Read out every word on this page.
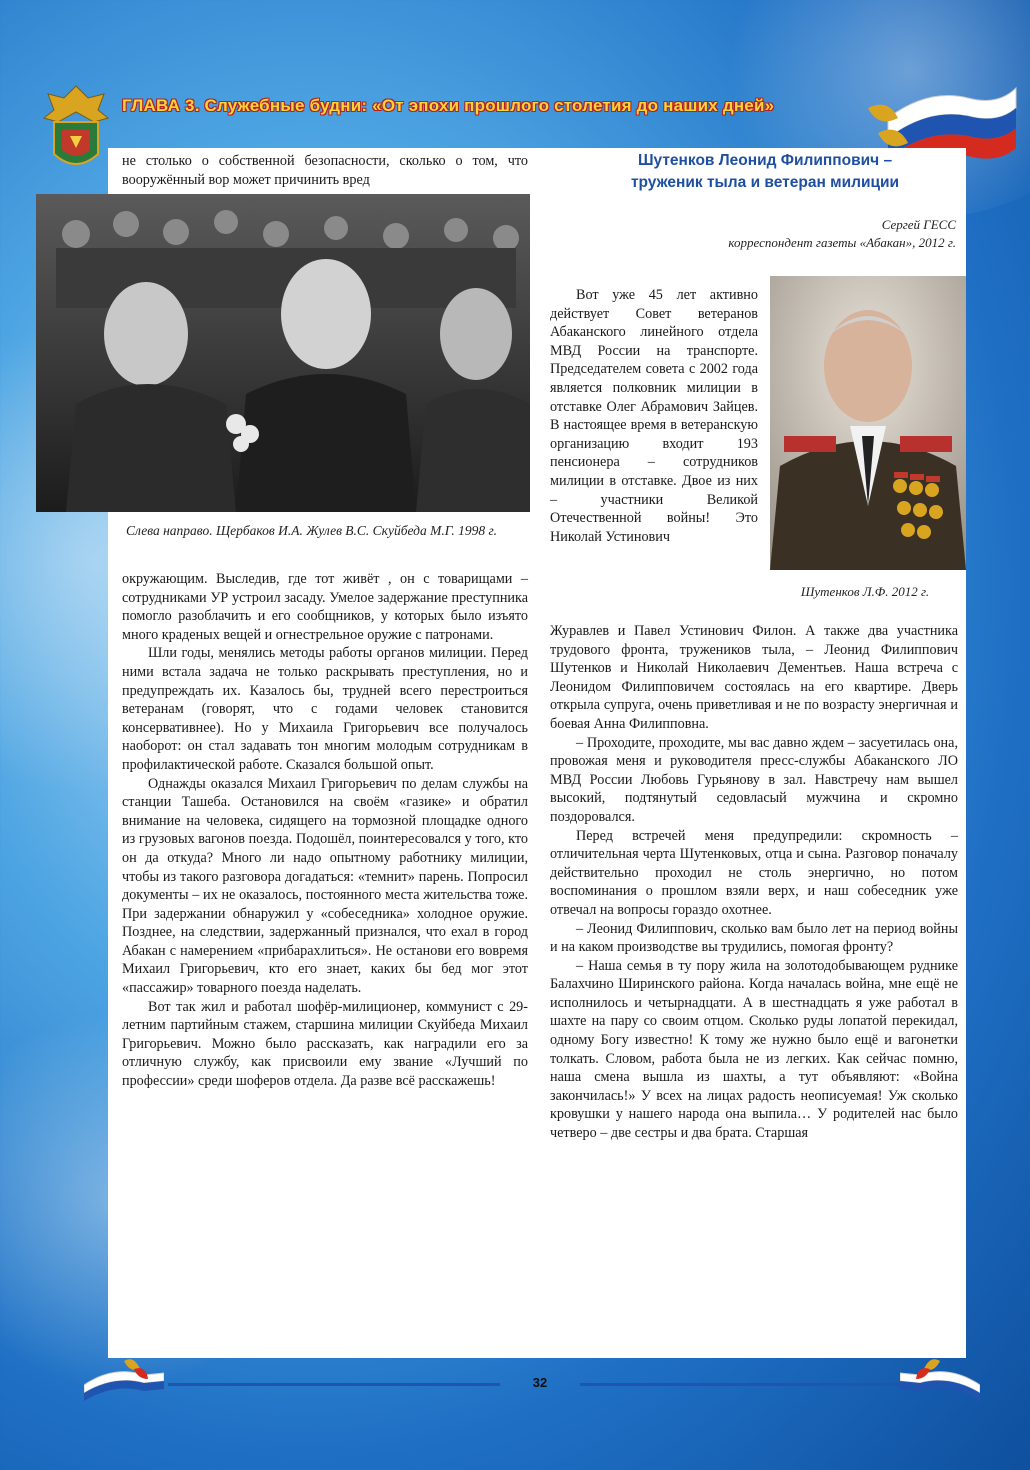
ГЛАВА 3. Служебные будни: «От эпохи прошлого столетия до наших дней»

не столько о собственной безопасности, сколько о том, что вооружённый вор может причинить вред

Слева направо. Щербаков И.А. Жулев В.С. Скуйбеда М.Г. 1998 г.

окружающим. Выследив, где тот живёт , он с товарищами – сотрудниками УР устроил засаду. Умелое задержание преступника помогло разоблачить и его сообщников, у которых было изъято много краденых вещей и огнестрельное оружие с патронами.

Шли годы, менялись методы работы органов милиции. Перед ними встала задача не только раскрывать преступления, но и предупреждать их. Казалось бы, трудней всего перестроиться ветеранам (говорят, что с годами человек становится консервативнее). Но у Михаила Григорьевич все получалось наоборот: он стал задавать тон многим молодым сотрудникам в профилактической работе. Сказался большой опыт.

Однажды оказался Михаил Григорьевич по делам службы на станции Ташеба. Остановился на своём «газике» и обратил внимание на человека, сидящего на тормозной площадке одного из грузовых вагонов поезда. Подошёл, поинтересовался у того, кто он да откуда? Много ли надо опытному работнику милиции, чтобы из такого разговора догадаться: «темнит» парень. Попросил документы – их не оказалось, постоянного места жительства тоже. При задержании обнаружил у «собеседника» холодное оружие. Позднее, на следствии, задержанный признался, что ехал в город Абакан с намерением «прибарахлиться». Не останови его вовремя Михаил Григорьевич, кто его знает, каких бы бед мог этот «пассажир» товарного поезда наделать.

Вот так жил и работал шофёр-милиционер, коммунист с 29-летним партийным стажем, старшина милиции Скуйбеда Михаил Григорьевич. Можно было рассказать, как наградили его за отличную службу, как присвоили ему звание «Лучший по профессии» среди шоферов отдела. Да разве всё расскажешь!

Шутенков Леонид Филиппович –
труженик тыла и ветеран милиции
Сергей ГЕСС
корреспондент газеты «Абакан», 2012 г.

Вот уже 45 лет активно действует Совет ветеранов Абаканского линейного отдела МВД России на транспорте. Председателем совета с 2002 года является полковник милиции в отставке Олег Абрамович Зайцев. В настоящее время в ветеранскую организацию входит 193 пенсионера – сотрудников милиции в отставке. Двое из них – участники Великой Отечественной войны! Это Николай Устинович

Шутенков Л.Ф. 2012 г.

Журавлев и Павел Устинович Филон. А также два участника трудового фронта, тружеников тыла, – Леонид Филиппович Шутенков и Николай Николаевич Дементьев. Наша встреча с Леонидом Филипповичем состоялась на его квартире. Дверь открыла супруга, очень приветливая и не по возрасту энергичная и боевая Анна Филипповна.

– Проходите, проходите, мы вас давно ждем – засуетилась она, провожая меня и руководителя пресс-службы Абаканского ЛО МВД России Любовь Гурьянову в зал. Навстречу нам вышел высокий, подтянутый седовласый мужчина и скромно поздоровался.

Перед встречей меня предупредили: скромность – отличительная черта Шутенковых, отца и сына. Разговор поначалу действительно проходил не столь энергично, но потом воспоминания о прошлом взяли верх, и наш собеседник уже отвечал на вопросы гораздо охотнее.

– Леонид Филиппович, сколько вам было лет на период войны и на каком производстве вы трудились, помогая фронту?

– Наша семья в ту пору жила на золотодобывающем руднике Балахчино Ширинского района. Когда началась война, мне ещё не исполнилось и четырнадцати. А в шестнадцать я уже работал в шахте на пару со своим отцом. Сколько руды лопатой перекидал, одному Богу известно! К тому же нужно было ещё и вагонетки толкать. Словом, работа была не из легких. Как сейчас помню, наша смена вышла из шахты, а тут объявляют: «Война закончилась!» У всех на лицах радость неописуемая! Уж сколько кровушки у нашего народа она выпила… У родителей нас было четверо – две сестры и два брата. Старшая

32
